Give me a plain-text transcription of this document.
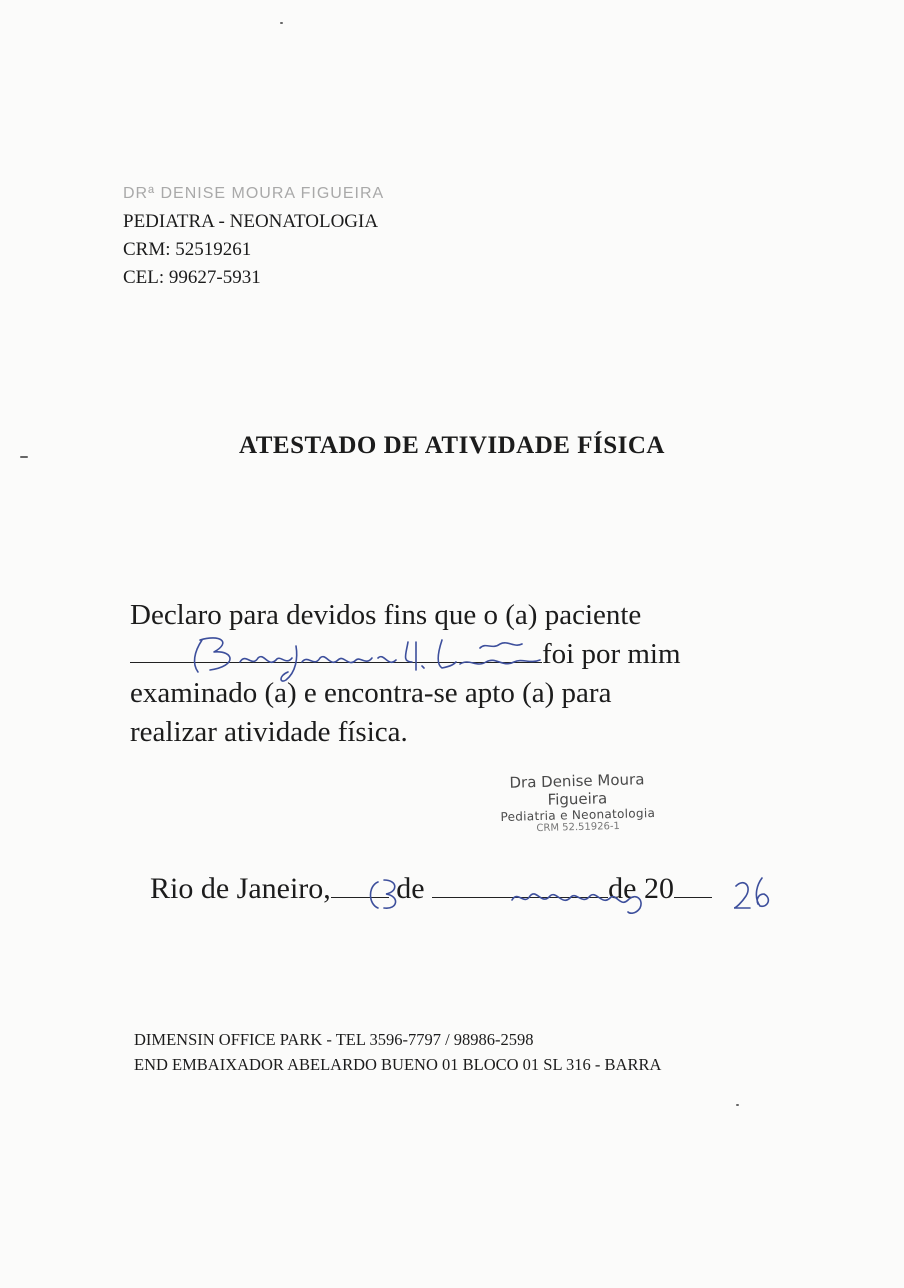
DRª DENISE MOURA FIGUEIRA
PEDIATRA - NEONATOLOGIA
CRM: 52519261
CEL: 99627-5931
ATESTADO DE ATIVIDADE FÍSICA
Declaro para devidos fins que o (a) paciente
foi por mim
examinado (a) e encontra-se apto (a) para
realizar atividade física.
Dra Denise Moura Figueira
Pediatria e Neonatologia
CRM 52.51926-1
Rio de Janeiro, de	de 20
DIMENSIN OFFICE PARK - TEL 3596-7797 / 98986-2598
END EMBAIXADOR ABELARDO BUENO 01 BLOCO 01 SL 316 - BARRA
